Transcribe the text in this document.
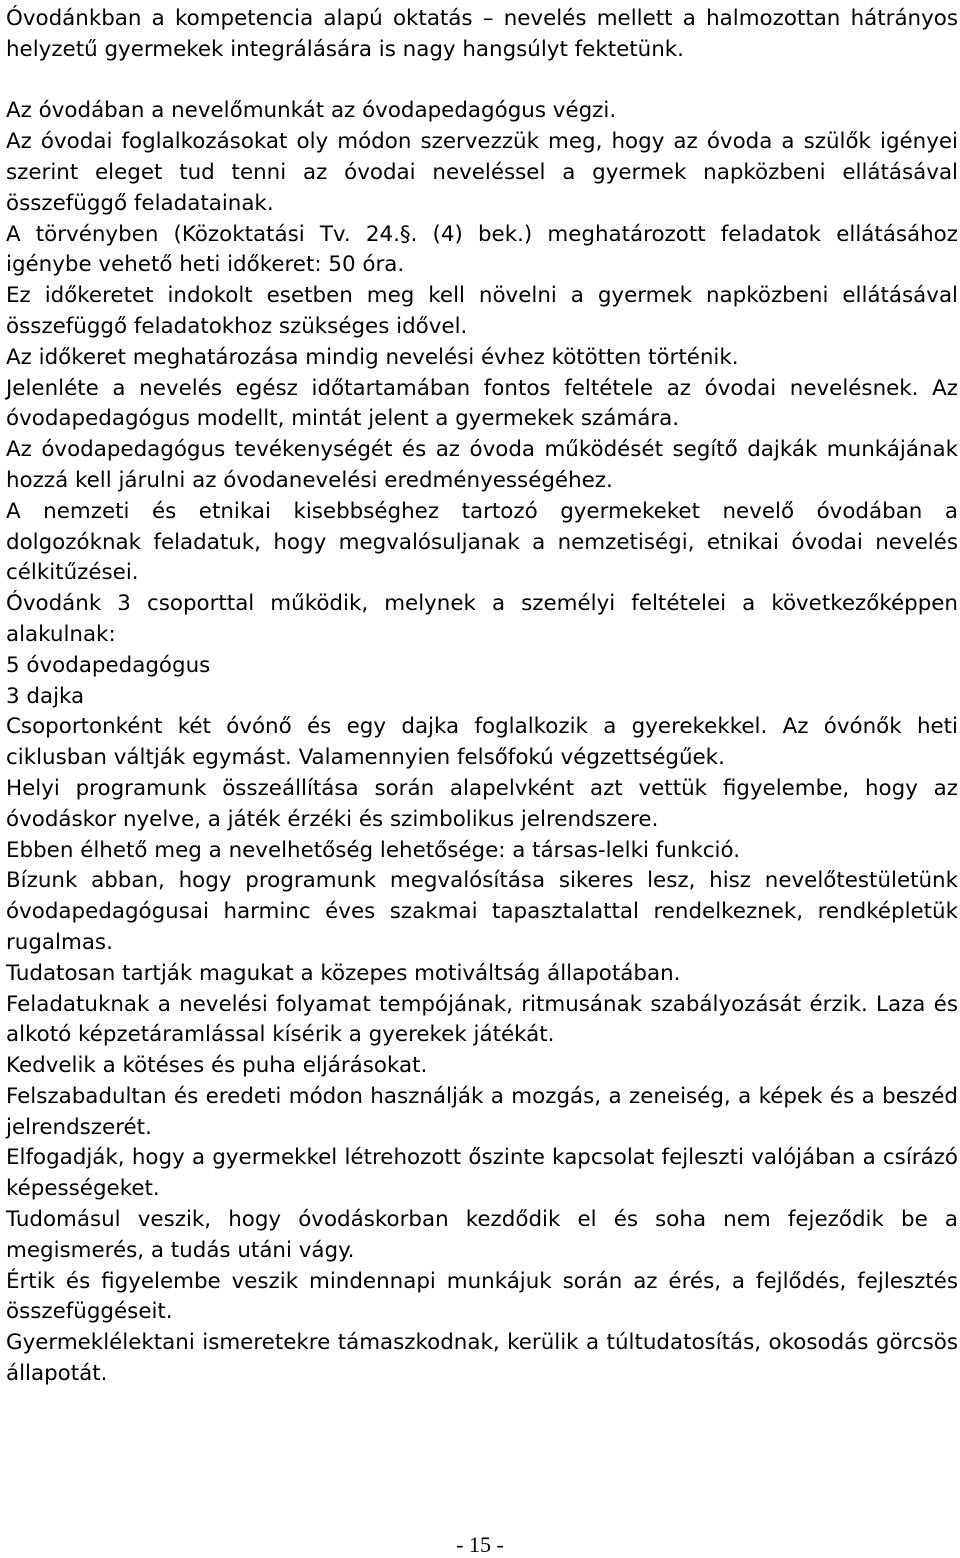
Óvodánkban a kompetencia alapú oktatás – nevelés mellett a halmozottan hátrányos helyzetű gyermekek integrálására is nagy hangsúlyt fektetünk.

Az óvodában a nevelőmunkát az óvodapedagógus végzi.

Az óvodai foglalkozásokat oly módon szervezzük meg, hogy az óvoda a szülők igényei szerint eleget tud tenni az óvodai neveléssel a gyermek napközbeni ellátásával összefüggő feladatainak.

A törvényben (Közoktatási Tv. 24.§. (4) bek.) meghatározott feladatok ellátásához igénybe vehető heti időkeret: 50 óra.

Ez időkeretet indokolt esetben meg kell növelni a gyermek napközbeni ellátásával összefüggő feladatokhoz szükséges idővel.

Az időkeret meghatározása mindig nevelési évhez kötötten történik.

Jelenléte a nevelés egész időtartamában fontos feltétele az óvodai nevelésnek. Az óvodapedagógus modellt, mintát jelent a gyermekek számára.

Az óvodapedagógus tevékenységét és az óvoda működését segítő dajkák munkájának hozzá kell járulni az óvodanevelési eredményességéhez.

A nemzeti és etnikai kisebbséghez tartozó gyermekeket nevelő óvodában a dolgozóknak feladatuk, hogy megvalósuljanak a nemzetiségi, etnikai óvodai nevelés célkitűzései.

Óvodánk 3 csoporttal működik, melynek a személyi feltételei a következőképpen alakulnak:

5 óvodapedagógus

3 dajka

Csoportonként két óvónő és egy dajka foglalkozik a gyerekekkel. Az óvónők heti ciklusban váltják egymást. Valamennyien felsőfokú végzettségűek.

Helyi programunk összeállítása során alapelvként azt vettük figyelembe, hogy az óvodáskor nyelve, a játék érzéki és szimbolikus jelrendszere.

Ebben élhető meg a nevelhetőség lehetősége: a társas-lelki funkció.

Bízunk abban, hogy programunk megvalósítása sikeres lesz, hisz nevelőtestületünk óvodapedagógusai harminc éves szakmai tapasztalattal rendelkeznek, rendképletük rugalmas.

Tudatosan tartják magukat a közepes motiváltság állapotában.

Feladatuknak a nevelési folyamat tempójának, ritmusának szabályozását érzik. Laza és alkotó képzetáramlással kísérik a gyerekek játékát.

Kedvelik a kötéses és puha eljárásokat.

Felszabadultan és eredeti módon használják a mozgás, a zeneiség, a képek és a beszéd jelrendszerét.

Elfogadják, hogy a gyermekkel létrehozott őszinte kapcsolat fejleszti valójában a csírázó képességeket.

Tudomásul veszik, hogy óvodáskorban kezdődik el és soha nem fejeződik be a megismerés, a tudás utáni vágy.

Értik és figyelembe veszik mindennapi munkájuk során az érés, a fejlődés, fejlesztés összefüggéseit.

Gyermeklélektani ismeretekre támaszkodnak, kerülik a túltudatosítás, okosodás görcsös állapotát.

- 15 -
